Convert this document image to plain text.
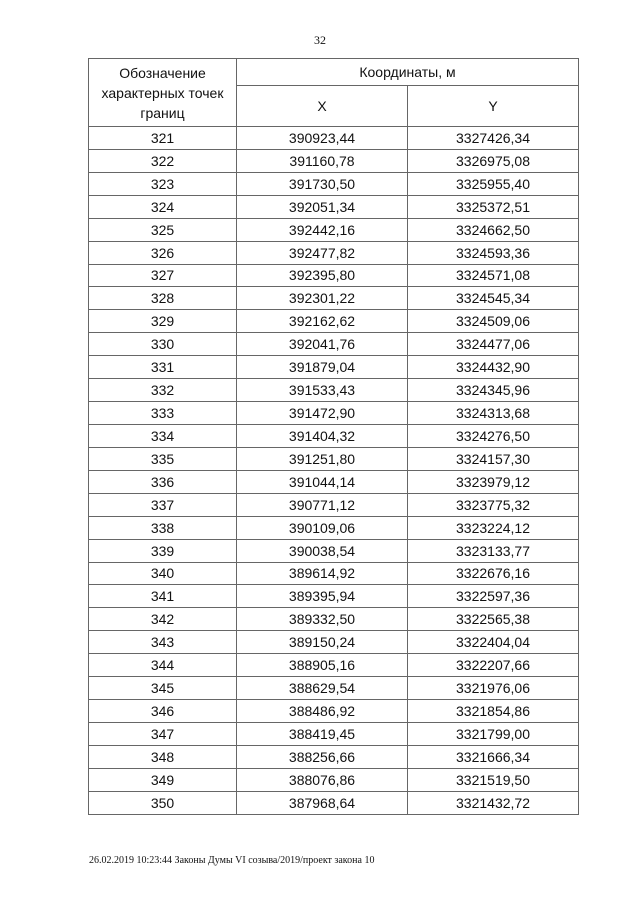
32
Обозначение характерных точек границ	Координаты, м	
	X	Y
321	390923,44	3327426,34
322	391160,78	3326975,08
323	391730,50	3325955,40
324	392051,34	3325372,51
325	392442,16	3324662,50
326	392477,82	3324593,36
327	392395,80	3324571,08
328	392301,22	3324545,34
329	392162,62	3324509,06
330	392041,76	3324477,06
331	391879,04	3324432,90
332	391533,43	3324345,96
333	391472,90	3324313,68
334	391404,32	3324276,50
335	391251,80	3324157,30
336	391044,14	3323979,12
337	390771,12	3323775,32
338	390109,06	3323224,12
339	390038,54	3323133,77
340	389614,92	3322676,16
341	389395,94	3322597,36
342	389332,50	3322565,38
343	389150,24	3322404,04
344	388905,16	3322207,66
345	388629,54	3321976,06
346	388486,92	3321854,86
347	388419,45	3321799,00
348	388256,66	3321666,34
349	388076,86	3321519,50
350	387968,64	3321432,72
26.02.2019 10:23:44 Законы Думы VI созыва/2019/проект закона 10
